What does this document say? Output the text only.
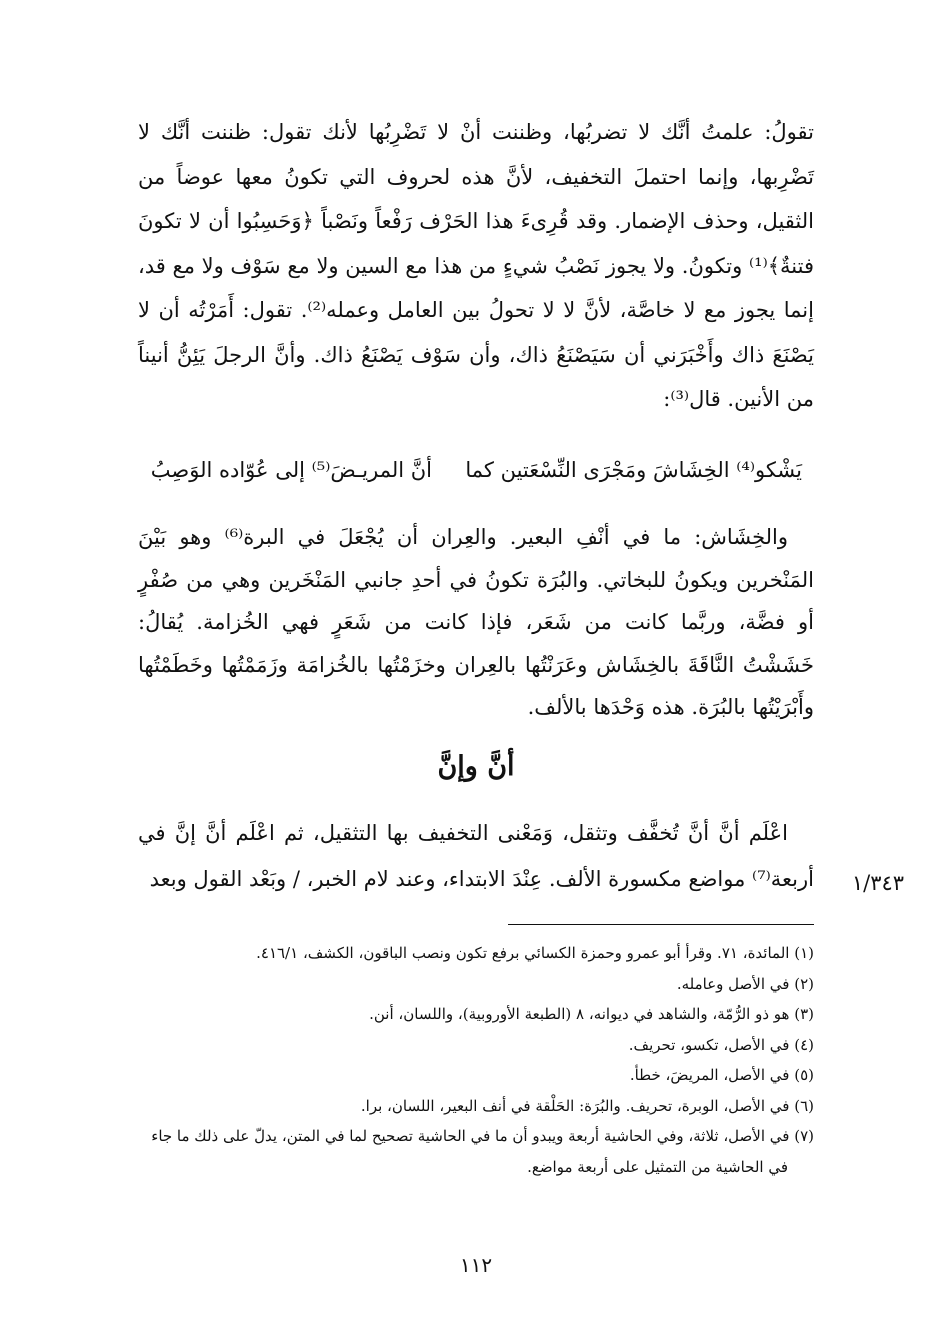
تقولُ: علمتُ أنَّك لا تضربُها، وظننت أنْ لا تَضْرِبُها لأنك تقول: ظننت أنَّك لا تَضْرِبها، وإنما احتملَ التخفيف، لأنَّ هذه لحروف التي تكونُ معها عوضاً من الثقيل، وحذف الإضمار. وقد قُرِىءَ هذا الحَرْف رَفْعاً ونَصْباً ﴿وَحَسِبُوا أن لا تكونَ فتنةٌ﴾⁽¹⁾ وتكونُ. ولا يجوز نَصْبُ شيءٍ من هذا مع السين ولا مع سَوْف ولا مع قد، إنما يجوز مع لا خاصَّة، لأنَّ لا لا تحولُ بين العامل وعمله⁽²⁾. تقول: أَمَرْتُه أن لا يَصْنَعَ ذاك وأَخْبَرَني أن سَيَصْنَعُ ذاك، وأن سَوْف يَصْنَعُ ذاك. وأنَّ الرجلَ يَئِنُّ أنيناً من الأنين. قال⁽³⁾:

يَشْكو⁽⁴⁾ الخِشَاشَ ومَجْرَى النِّسْعَتين كما
أنَّ المريـضَ⁽⁵⁾ إلى عُوّاده الوَصِبُ

والخِشَاش: ما في أنْفِ البعير. والعِران أن يُجْعَلَ في البرة⁽⁶⁾ وهو بَيْنَ المَنْخرين ويكونُ للبخاتي. والبُرَة تكونُ في أحدِ جانبي المَنْخَرين وهي من صُفْرٍ أو فضَّة، وربَّما كانت من شَعَر، فإذا كانت من شَعَرٍ فهي الخُزامة. يُقالُ: خَشَشْتُ النَّاقَةَ بالخِشَاش وعَرَنْتُها بالعِران وخزَمْتُها بالخُزامَة وزَمَمْتُها وخَطَمْتُها وأَبْرَيْتُها بالبُرَة. هذه وَحْدَها بالألف.

أنَّ وإنَّ

اعْلَم أنَّ أنَّ تُخفَّف وتثقل، وَمَعْنى التخفيف بها التثقيل، ثم اعْلَم أنَّ إنَّ في أربعة⁽⁷⁾ مواضع مكسورة الألف. عِنْدَ الابتداء، وعند لام الخبر، / وبَعْد القول وبعد	١/٣٤٣

(١) المائدة، ٧١. وقرأ أبو عمرو وحمزة الكسائي برفع تكون ونصب الباقون، الكشف، ٤١٦/١.

(٢) في الأصل وعامله.

(٣) هو ذو الرُّمّة، والشاهد في ديوانه، ٨ (الطبعة الأوروبية)، واللسان، أنن.

(٤) في الأصل، تكسو، تحريف.

(٥) في الأصل، المريضَ، خطأ.

(٦) في الأصل، الوبرة، تحريف. والبُرَة: الحَلْقة في أنف البعير، اللسان، برا.

(٧) في الأصل، ثلاثة، وفي الحاشية أربعة ويبدو أن ما في الحاشية تصحيح لما في المتن، يدلّ على ذلك ما جاء

في الحاشية من التمثيل على أربعة مواضع.

١١٢
